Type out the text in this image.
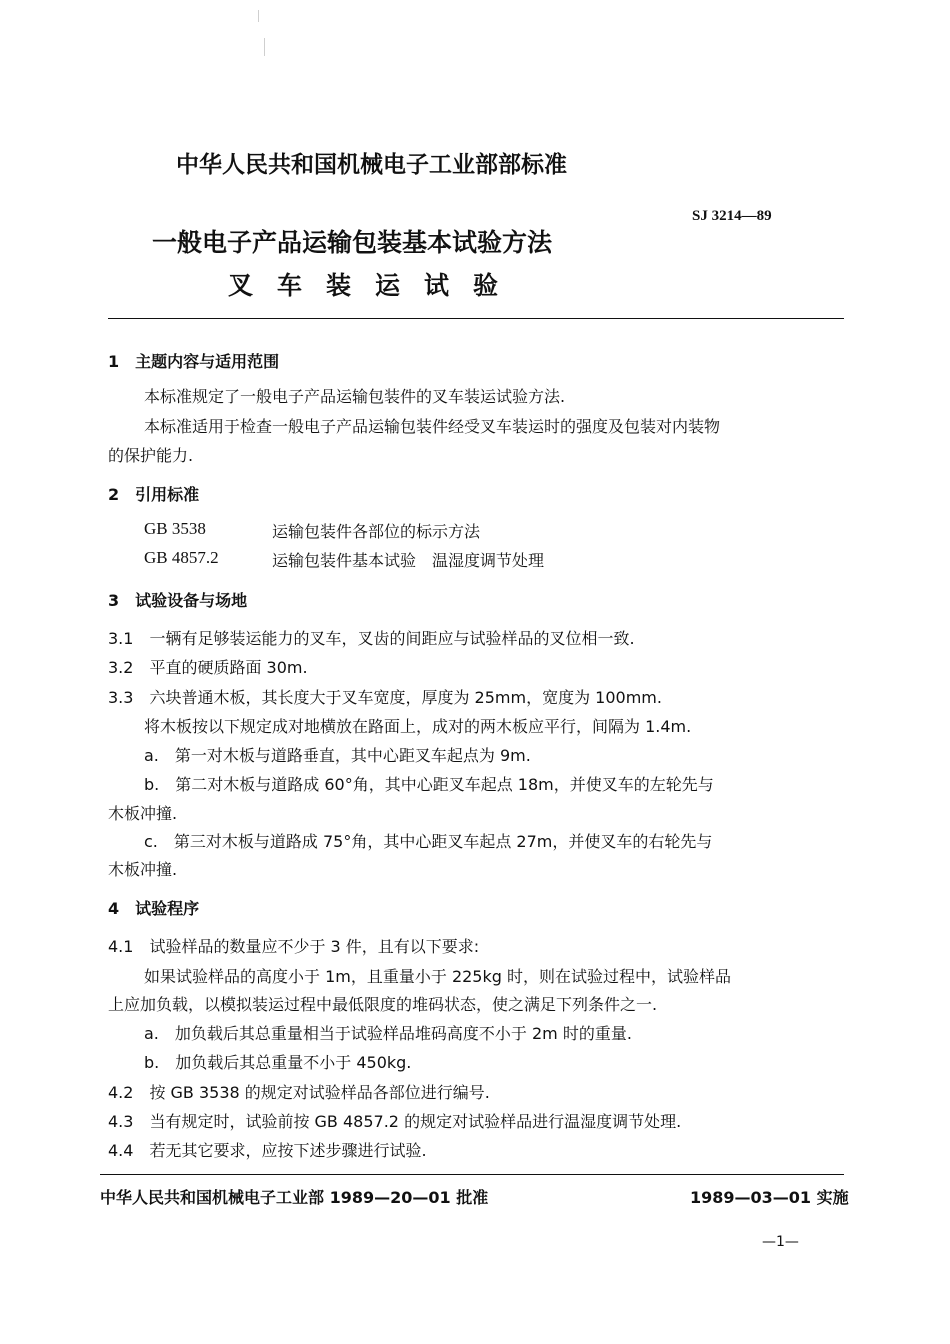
中华人民共和国机械电子工业部部标准
SJ 3214—89
一般电子产品运输包装基本试验方法
叉车装运试验
1　主题内容与适用范围
本标准规定了一般电子产品运输包装件的叉车装运试验方法.
本标准适用于检查一般电子产品运输包装件经受叉车装运时的强度及包装对内装物
的保护能力.
2　引用标准
GB 3538	运输包装件各部位的标示方法
GB 4857.2	运输包装件基本试验　温湿度调节处理
3　试验设备与场地
3.1　一辆有足够装运能力的叉车，叉齿的间距应与试验样品的叉位相一致.
3.2　平直的硬质路面 30m.
3.3　六块普通木板，其长度大于叉车宽度，厚度为 25mm，宽度为 100mm.
将木板按以下规定成对地横放在路面上，成对的两木板应平行，间隔为 1.4m.
a.　第一对木板与道路垂直，其中心距叉车起点为 9m.
b.　第二对木板与道路成 60°角，其中心距叉车起点 18m，并使叉车的左轮先与
木板冲撞.
c.　第三对木板与道路成 75°角，其中心距叉车起点 27m，并使叉车的右轮先与
木板冲撞.
4　试验程序
4.1　试验样品的数量应不少于 3 件，且有以下要求:
如果试验样品的高度小于 1m，且重量小于 225kg 时，则在试验过程中，试验样品
上应加负载，以模拟装运过程中最低限度的堆码状态，使之满足下列条件之一.
a.　加负载后其总重量相当于试验样品堆码高度不小于 2m 时的重量.
b.　加负载后其总重量不小于 450kg.
4.2　按 GB 3538 的规定对试验样品各部位进行编号.
4.3　当有规定时，试验前按 GB 4857.2 的规定对试验样品进行温湿度调节处理.
4.4　若无其它要求，应按下述步骤进行试验.
中华人民共和国机械电子工业部 1989—20—01 批准	1989—03—01 实施
—1—
